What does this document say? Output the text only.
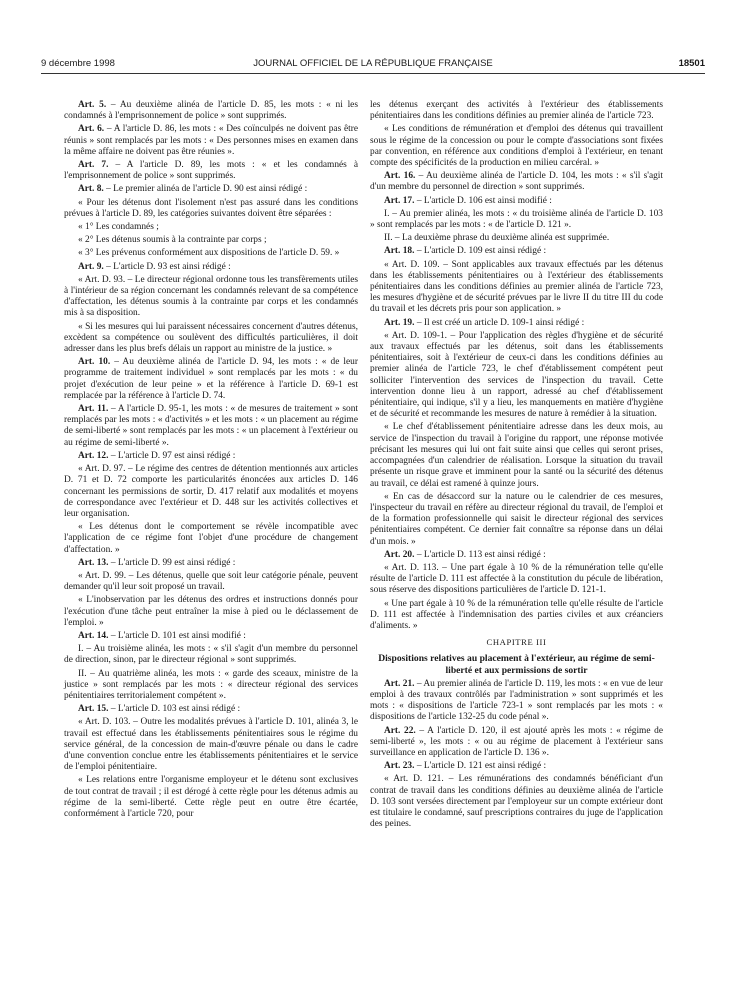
9 décembre 1998	JOURNAL OFFICIEL DE LA RÉPUBLIQUE FRANÇAISE	18501

Art. 5. – Au deuxième alinéa de l'article D. 85, les mots : « ni les condamnés à l'emprisonnement de police » sont supprimés.

Art. 6. – A l'article D. 86, les mots : « Des coïnculpés ne doivent pas être réunis » sont remplacés par les mots : « Des personnes mises en examen dans la même affaire ne doivent pas être réunies ».

Art. 7. – A l'article D. 89, les mots : « et les condamnés à l'emprisonnement de police » sont supprimés.

Art. 8. – Le premier alinéa de l'article D. 90 est ainsi rédigé :

« Pour les détenus dont l'isolement n'est pas assuré dans les conditions prévues à l'article D. 89, les catégories suivantes doivent être séparées :

« 1° Les condamnés ;

« 2° Les détenus soumis à la contrainte par corps ;

« 3° Les prévenus conformément aux dispositions de l'article D. 59. »

Art. 9. – L'article D. 93 est ainsi rédigé :

« Art. D. 93. – Le directeur régional ordonne tous les transfèrements utiles à l'intérieur de sa région concernant les condamnés relevant de sa compétence d'affectation, les détenus soumis à la contrainte par corps et les condamnés mis à sa disposition.

« Si les mesures qui lui paraissent nécessaires concernent d'autres détenus, excèdent sa compétence ou soulèvent des difficultés particulières, il doit adresser dans les plus brefs délais un rapport au ministre de la justice. »

Art. 10. – Au deuxième alinéa de l'article D. 94, les mots : « de leur programme de traitement individuel » sont remplacés par les mots : « du projet d'exécution de leur peine » et la référence à l'article D. 69-1 est remplacée par la référence à l'article D. 74.

Art. 11. – A l'article D. 95-1, les mots : « de mesures de traitement » sont remplacés par les mots : « d'activités » et les mots : « un placement au régime de semi-liberté » sont remplacés par les mots : « un placement à l'extérieur ou au régime de semi-liberté ».

Art. 12. – L'article D. 97 est ainsi rédigé :

« Art. D. 97. – Le régime des centres de détention mentionnés aux articles D. 71 et D. 72 comporte les particularités énoncées aux articles D. 146 concernant les permissions de sortir, D. 417 relatif aux modalités et moyens de correspondance avec l'extérieur et D. 448 sur les activités collectives et leur organisation.

« Les détenus dont le comportement se révèle incompatible avec l'application de ce régime font l'objet d'une procédure de changement d'affectation. »

Art. 13. – L'article D. 99 est ainsi rédigé :

« Art. D. 99. – Les détenus, quelle que soit leur catégorie pénale, peuvent demander qu'il leur soit proposé un travail.

« L'inobservation par les détenus des ordres et instructions donnés pour l'exécution d'une tâche peut entraîner la mise à pied ou le déclassement de l'emploi. »

Art. 14. – L'article D. 101 est ainsi modifié :

I. – Au troisième alinéa, les mots : « s'il s'agit d'un membre du personnel de direction, sinon, par le directeur régional » sont supprimés.

II. – Au quatrième alinéa, les mots : « garde des sceaux, ministre de la justice » sont remplacés par les mots : « directeur régional des services pénitentiaires territorialement compétent ».

Art. 15. – L'article D. 103 est ainsi rédigé :

« Art. D. 103. – Outre les modalités prévues à l'article D. 101, alinéa 3, le travail est effectué dans les établissements pénitentiaires sous le régime du service général, de la concession de main-d'œuvre pénale ou dans le cadre d'une convention conclue entre les établissements pénitentiaires et le service de l'emploi pénitentiaire.

« Les relations entre l'organisme employeur et le détenu sont exclusives de tout contrat de travail ; il est dérogé à cette règle pour les détenus admis au régime de la semi-liberté. Cette règle peut en outre être écartée, conformément à l'article 720, pour

les détenus exerçant des activités à l'extérieur des établissements pénitentiaires dans les conditions définies au premier alinéa de l'article 723.

« Les conditions de rémunération et d'emploi des détenus qui travaillent sous le régime de la concession ou pour le compte d'associations sont fixées par convention, en référence aux conditions d'emploi à l'extérieur, en tenant compte des spécificités de la production en milieu carcéral. »

Art. 16. – Au deuxième alinéa de l'article D. 104, les mots : « s'il s'agit d'un membre du personnel de direction » sont supprimés.

Art. 17. – L'article D. 106 est ainsi modifié :

I. – Au premier alinéa, les mots : « du troisième alinéa de l'article D. 103 » sont remplacés par les mots : « de l'article D. 121 ».

II. – La deuxième phrase du deuxième alinéa est supprimée.

Art. 18. – L'article D. 109 est ainsi rédigé :

« Art. D. 109. – Sont applicables aux travaux effectués par les détenus dans les établissements pénitentiaires ou à l'extérieur des établissements pénitentiaires dans les conditions définies au premier alinéa de l'article 723, les mesures d'hygiène et de sécurité prévues par le livre II du titre III du code du travail et les décrets pris pour son application. »

Art. 19. – Il est créé un article D. 109-1 ainsi rédigé :

« Art. D. 109-1. – Pour l'application des règles d'hygiène et de sécurité aux travaux effectués par les détenus, soit dans les établissements pénitentiaires, soit à l'extérieur de ceux-ci dans les conditions définies au premier alinéa de l'article 723, le chef d'établissement compétent peut solliciter l'intervention des services de l'inspection du travail. Cette intervention donne lieu à un rapport, adressé au chef d'établissement pénitentiaire, qui indique, s'il y a lieu, les manquements en matière d'hygiène et de sécurité et recommande les mesures de nature à remédier à la situation.

« Le chef d'établissement pénitentiaire adresse dans les deux mois, au service de l'inspection du travail à l'origine du rapport, une réponse motivée précisant les mesures qui lui ont fait suite ainsi que celles qui seront prises, accompagnées d'un calendrier de réalisation. Lorsque la situation du travail présente un risque grave et imminent pour la santé ou la sécurité des détenus au travail, ce délai est ramené à quinze jours.

« En cas de désaccord sur la nature ou le calendrier de ces mesures, l'inspecteur du travail en réfère au directeur régional du travail, de l'emploi et de la formation professionnelle qui saisit le directeur régional des services pénitentiaires compétent. Ce dernier fait connaître sa réponse dans un délai d'un mois. »

Art. 20. – L'article D. 113 est ainsi rédigé :

« Art. D. 113. – Une part égale à 10 % de la rémunération telle qu'elle résulte de l'article D. 111 est affectée à la constitution du pécule de libération, sous réserve des dispositions particulières de l'article D. 121-1.

« Une part égale à 10 % de la rémunération telle qu'elle résulte de l'article D. 111 est affectée à l'indemnisation des parties civiles et aux créanciers d'aliments. »

CHAPITRE III
Dispositions relatives au placement à l'extérieur, au régime de semi-liberté et aux permissions de sortir

Art. 21. – Au premier alinéa de l'article D. 119, les mots : « en vue de leur emploi à des travaux contrôlés par l'administration » sont supprimés et les mots : « dispositions de l'article 723-1 » sont remplacés par les mots : « dispositions de l'article 132-25 du code pénal ».

Art. 22. – A l'article D. 120, il est ajouté après les mots : « régime de semi-liberté », les mots : « ou au régime de placement à l'extérieur sans surveillance en application de l'article D. 136 ».

Art. 23. – L'article D. 121 est ainsi rédigé :

« Art. D. 121. – Les rémunérations des condamnés bénéficiant d'un contrat de travail dans les conditions définies au deuxième alinéa de l'article D. 103 sont versées directement par l'employeur sur un compte extérieur dont est titulaire le condamné, sauf prescriptions contraires du juge de l'application des peines.
